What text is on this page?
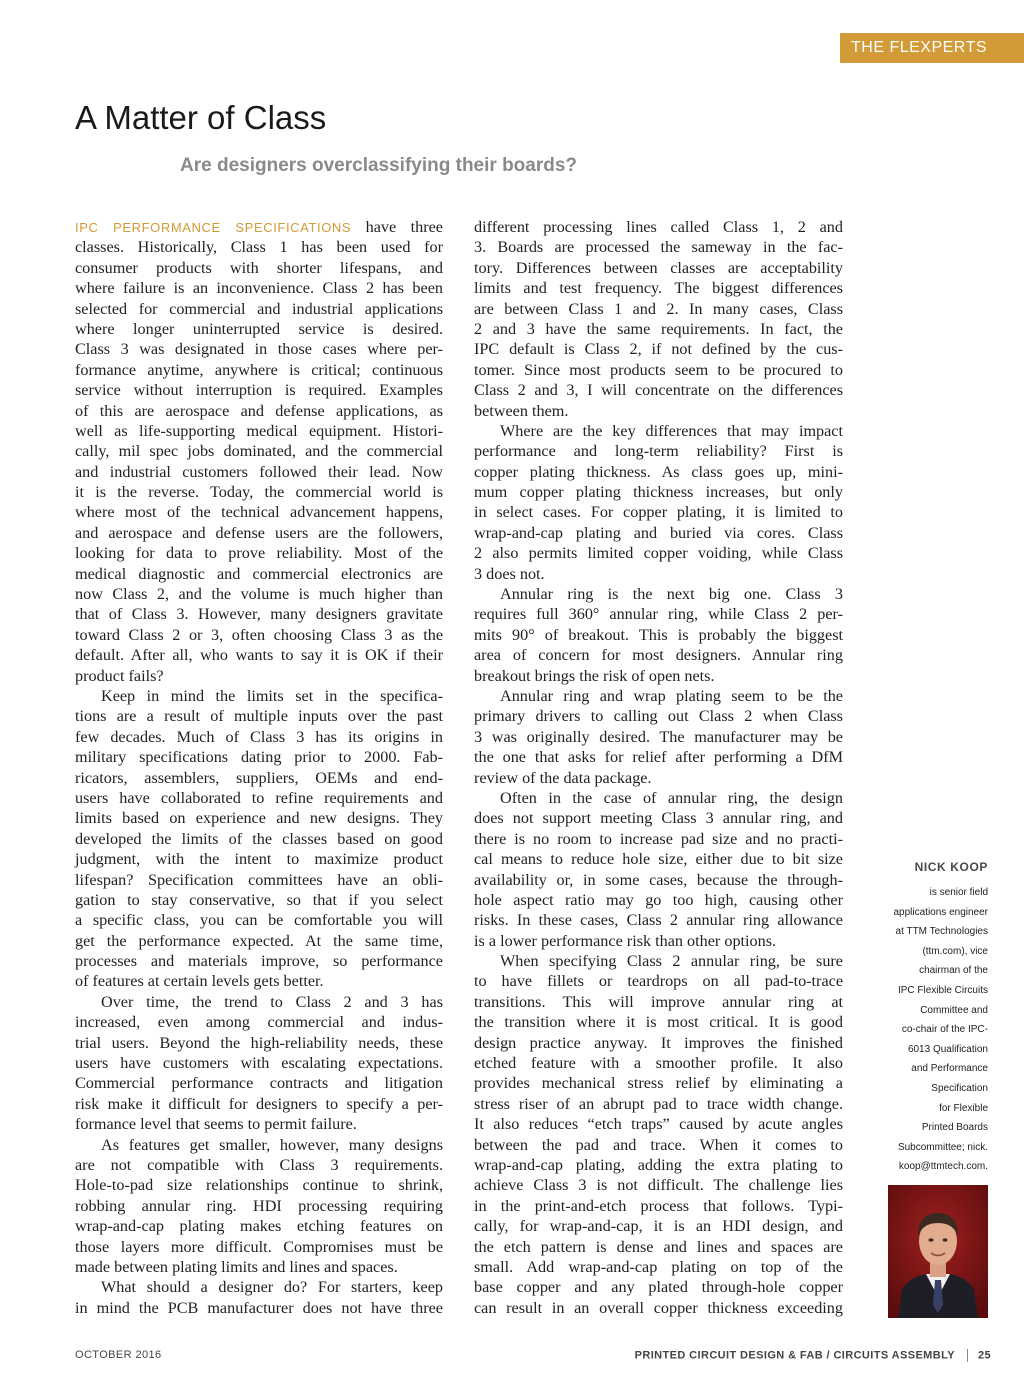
THE FLEXPERTS
A Matter of Class
Are designers overclassifying their boards?
IPC PERFORMANCE SPECIFICATIONS have three
classes. Historically, Class 1 has been used for
consumer products with shorter lifespans, and
where failure is an inconvenience. Class 2 has been
selected for commercial and industrial applications
where longer uninterrupted service is desired.
Class 3 was designated in those cases where per-
formance anytime, anywhere is critical; continuous
service without interruption is required. Examples
of this are aerospace and defense applications, as
well as life-supporting medical equipment. Histori-
cally, mil spec jobs dominated, and the commercial
and industrial customers followed their lead. Now
it is the reverse. Today, the commercial world is
where most of the technical advancement happens,
and aerospace and defense users are the followers,
looking for data to prove reliability. Most of the
medical diagnostic and commercial electronics are
now Class 2, and the volume is much higher than
that of Class 3. However, many designers gravitate
toward Class 2 or 3, often choosing Class 3 as the
default. After all, who wants to say it is OK if their
product fails?
Keep in mind the limits set in the specifica-
tions are a result of multiple inputs over the past
few decades. Much of Class 3 has its origins in
military specifications dating prior to 2000. Fab-
ricators, assemblers, suppliers, OEMs and end-
users have collaborated to refine requirements and
limits based on experience and new designs. They
developed the limits of the classes based on good
judgment, with the intent to maximize product
lifespan? Specification committees have an obli-
gation to stay conservative, so that if you select
a specific class, you can be comfortable you will
get the performance expected. At the same time,
processes and materials improve, so performance
of features at certain levels gets better.
Over time, the trend to Class 2 and 3 has
increased, even among commercial and indus-
trial users. Beyond the high-reliability needs, these
users have customers with escalating expectations.
Commercial performance contracts and litigation
risk make it difficult for designers to specify a per-
formance level that seems to permit failure.
As features get smaller, however, many designs
are not compatible with Class 3 requirements.
Hole-to-pad size relationships continue to shrink,
robbing annular ring. HDI processing requiring
wrap-and-cap plating makes etching features on
those layers more difficult. Compromises must be
made between plating limits and lines and spaces.
What should a designer do? For starters, keep
in mind the PCB manufacturer does not have three
different processing lines called Class 1, 2 and
3. Boards are processed the sameway in the fac-
tory. Differences between classes are acceptability
limits and test frequency. The biggest differences
are between Class 1 and 2. In many cases, Class
2 and 3 have the same requirements. In fact, the
IPC default is Class 2, if not defined by the cus-
tomer. Since most products seem to be procured to
Class 2 and 3, I will concentrate on the differences
between them.
Where are the key differences that may impact
performance and long-term reliability? First is
copper plating thickness. As class goes up, mini-
mum copper plating thickness increases, but only
in select cases. For copper plating, it is limited to
wrap-and-cap plating and buried via cores. Class
2 also permits limited copper voiding, while Class
3 does not.
Annular ring is the next big one. Class 3
requires full 360° annular ring, while Class 2 per-
mits 90° of breakout. This is probably the biggest
area of concern for most designers. Annular ring
breakout brings the risk of open nets.
Annular ring and wrap plating seem to be the
primary drivers to calling out Class 2 when Class
3 was originally desired. The manufacturer may be
the one that asks for relief after performing a DfM
review of the data package.
Often in the case of annular ring, the design
does not support meeting Class 3 annular ring, and
there is no room to increase pad size and no practi-
cal means to reduce hole size, either due to bit size
availability or, in some cases, because the through-
hole aspect ratio may go too high, causing other
risks. In these cases, Class 2 annular ring allowance
is a lower performance risk than other options.
When specifying Class 2 annular ring, be sure
to have fillets or teardrops on all pad-to-trace
transitions. This will improve annular ring at
the transition where it is most critical. It is good
design practice anyway. It improves the finished
etched feature with a smoother profile. It also
provides mechanical stress relief by eliminating a
stress riser of an abrupt pad to trace width change.
It also reduces “etch traps” caused by acute angles
between the pad and trace. When it comes to
wrap-and-cap plating, adding the extra plating to
achieve Class 3 is not difficult. The challenge lies
in the print-and-etch process that follows. Typi-
cally, for wrap-and-cap, it is an HDI design, and
the etch pattern is dense and lines and spaces are
small. Add wrap-and-cap plating on top of the
base copper and any plated through-hole copper
can result in an overall copper thickness exceeding
NICK KOOP
is senior field
applications engineer
at TTM Technologies
(ttm.com), vice
chairman of the
IPC Flexible Circuits
Committee and
co-chair of the IPC-
6013 Qualification
and Performance
Specification
for Flexible
Printed Boards
Subcommittee; nick.
koop@ttmtech.com.
OCTOBER 2016	PRINTED CIRCUIT DESIGN & FAB / CIRCUITS ASSEMBLY 25
